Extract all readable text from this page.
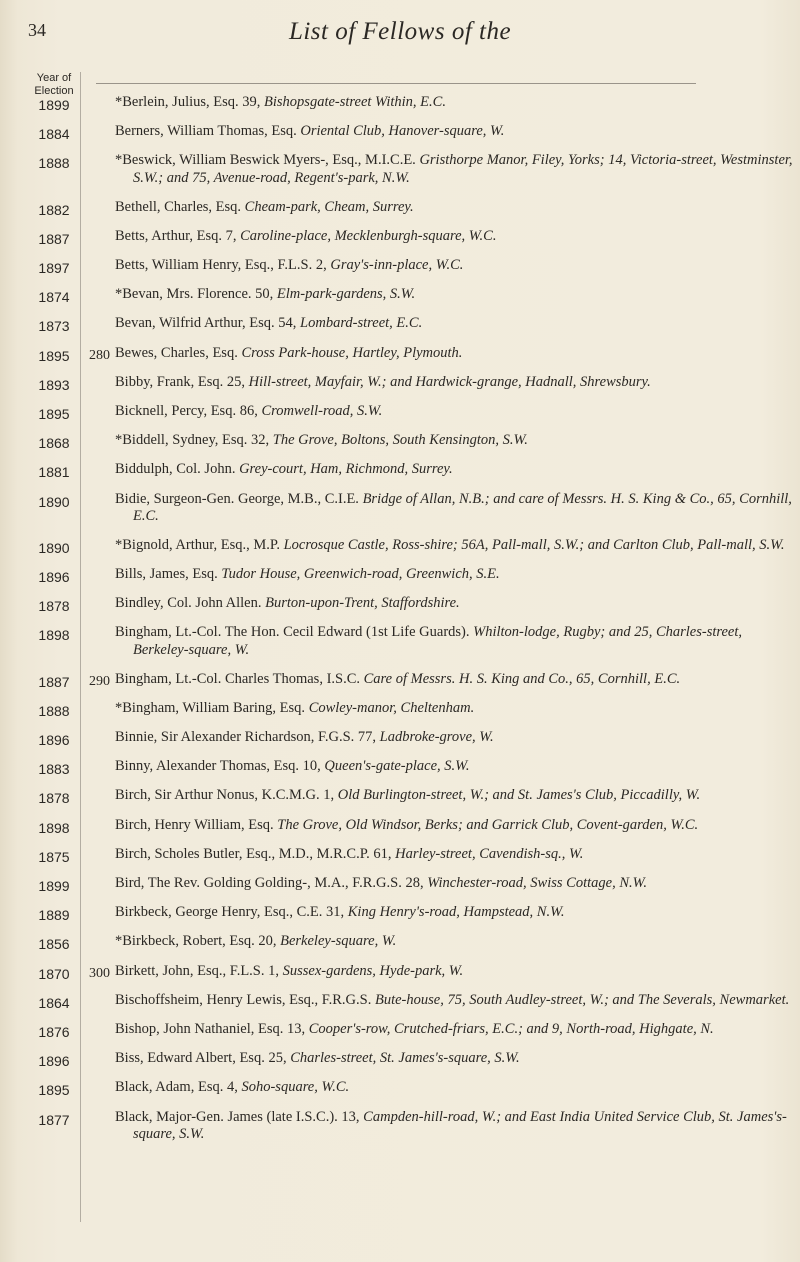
34	List of Fellows of the
Year of Election
1899	*Berlein, Julius, Esq. 39, Bishopsgate-street Within, E.C.
1884	Berners, William Thomas, Esq. Oriental Club, Hanover-square, W.
1888	*Beswick, William Beswick Myers-, Esq., M.I.C.E. Gristhorpe Manor, Filey, Yorks; 14, Victoria-street, Westminster, S.W.; and 75, Avenue-road, Regent's-park, N.W.
1882	Bethell, Charles, Esq. Cheam-park, Cheam, Surrey.
1887	Betts, Arthur, Esq. 7, Caroline-place, Mecklenburgh-square, W.C.
1897	Betts, William Henry, Esq., F.L.S. 2, Gray's-inn-place, W.C.
1874	*Bevan, Mrs. Florence. 50, Elm-park-gardens, S.W.
1873	Bevan, Wilfrid Arthur, Esq. 54, Lombard-street, E.C.
1895	280 Bewes, Charles, Esq. Cross Park-house, Hartley, Plymouth.
1893	Bibby, Frank, Esq. 25, Hill-street, Mayfair, W.; and Hardwick-grange, Hadnall, Shrewsbury.
1895	Bicknell, Percy, Esq. 86, Cromwell-road, S.W.
1868	*Biddell, Sydney, Esq. 32, The Grove, Boltons, South Kensington, S.W.
1881	Biddulph, Col. John. Grey-court, Ham, Richmond, Surrey.
1890	Bidie, Surgeon-Gen. George, M.B., C.I.E. Bridge of Allan, N.B.; and care of Messrs. H. S. King & Co., 65, Cornhill, E.C.
1890	*Bignold, Arthur, Esq., M.P. Locrosque Castle, Ross-shire; 56A, Pall-mall, S.W.; and Carlton Club, Pall-mall, S.W.
1896	Bills, James, Esq. Tudor House, Greenwich-road, Greenwich, S.E.
1878	Bindley, Col. John Allen. Burton-upon-Trent, Staffordshire.
1898	Bingham, Lt.-Col. The Hon. Cecil Edward (1st Life Guards). Whilton-lodge, Rugby; and 25, Charles-street, Berkeley-square, W.
1887	290 Bingham, Lt.-Col. Charles Thomas, I.S.C. Care of Messrs. H. S. King and Co., 65, Cornhill, E.C.
1888	*Bingham, William Baring, Esq. Cowley-manor, Cheltenham.
1896	Binnie, Sir Alexander Richardson, F.G.S. 77, Ladbroke-grove, W.
1883	Binny, Alexander Thomas, Esq. 10, Queen's-gate-place, S.W.
1878	Birch, Sir Arthur Nonus, K.C.M.G. 1, Old Burlington-street, W.; and St. James's Club, Piccadilly, W.
1898	Birch, Henry William, Esq. The Grove, Old Windsor, Berks; and Garrick Club, Covent-garden, W.C.
1875	Birch, Scholes Butler, Esq., M.D., M.R.C.P. 61, Harley-street, Cavendish-sq., W.
1899	Bird, The Rev. Golding Golding-, M.A., F.R.G.S. 28, Winchester-road, Swiss Cottage, N.W.
1889	Birkbeck, George Henry, Esq., C.E. 31, King Henry's-road, Hampstead, N.W.
1856	*Birkbeck, Robert, Esq. 20, Berkeley-square, W.
1870	300 Birkett, John, Esq., F.L.S. 1, Sussex-gardens, Hyde-park, W.
1864	Bischoffsheim, Henry Lewis, Esq., F.R.G.S. Bute-house, 75, South Audley-street, W.; and The Severals, Newmarket.
1876	Bishop, John Nathaniel, Esq. 13, Cooper's-row, Crutched-friars, E.C.; and 9, North-road, Highgate, N.
1896	Biss, Edward Albert, Esq. 25, Charles-street, St. James's-square, S.W.
1895	Black, Adam, Esq. 4, Soho-square, W.C.
1877	Black, Major-Gen. James (late I.S.C.). 13, Campden-hill-road, W.; and East India United Service Club, St. James's-square, S.W.
